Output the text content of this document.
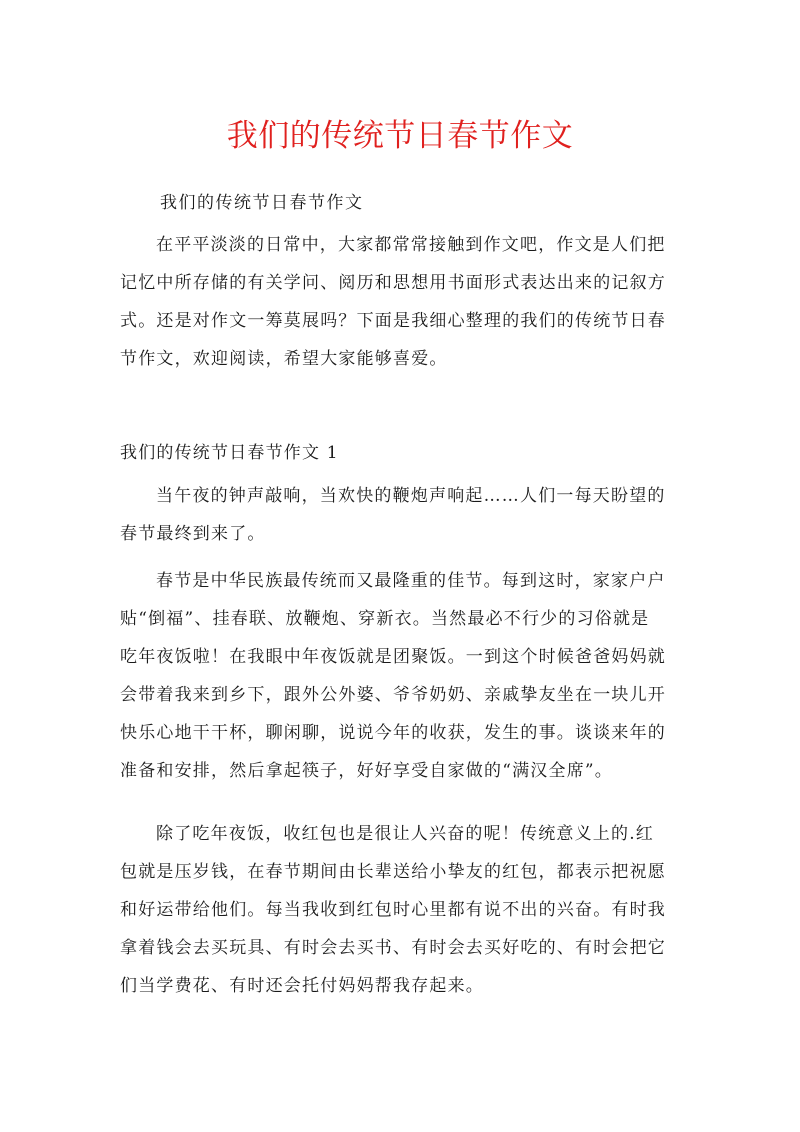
我们的传统节日春节作文

我们的传统节日春节作文

在平平淡淡的日常中，大家都常常接触到作文吧，作文是人们把
记忆中所存储的有关学问、阅历和思想用书面形式表达出来的记叙方
式。还是对作文一筹莫展吗？下面是我细心整理的我们的传统节日春
节作文，欢迎阅读，希望大家能够喜爱。

我们的传统节日春节作文 1

当午夜的钟声敲响，当欢快的鞭炮声响起……人们一每天盼望的
春节最终到来了。

春节是中华民族最传统而又最隆重的佳节。每到这时，家家户户
贴“倒福”、挂春联、放鞭炮、穿新衣。当然最必不行少的习俗就是
吃年夜饭啦！在我眼中年夜饭就是团聚饭。一到这个时候爸爸妈妈就
会带着我来到乡下，跟外公外婆、爷爷奶奶、亲戚挚友坐在一块儿开
快乐心地干干杯，聊闲聊，说说今年的收获，发生的事。谈谈来年的
准备和安排，然后拿起筷子，好好享受自家做的“满汉全席”。

除了吃年夜饭，收红包也是很让人兴奋的呢！传统意义上的.红
包就是压岁钱，在春节期间由长辈送给小挚友的红包，都表示把祝愿
和好运带给他们。每当我收到红包时心里都有说不出的兴奋。有时我
拿着钱会去买玩具、有时会去买书、有时会去买好吃的、有时会把它
们当学费花、有时还会托付妈妈帮我存起来。
